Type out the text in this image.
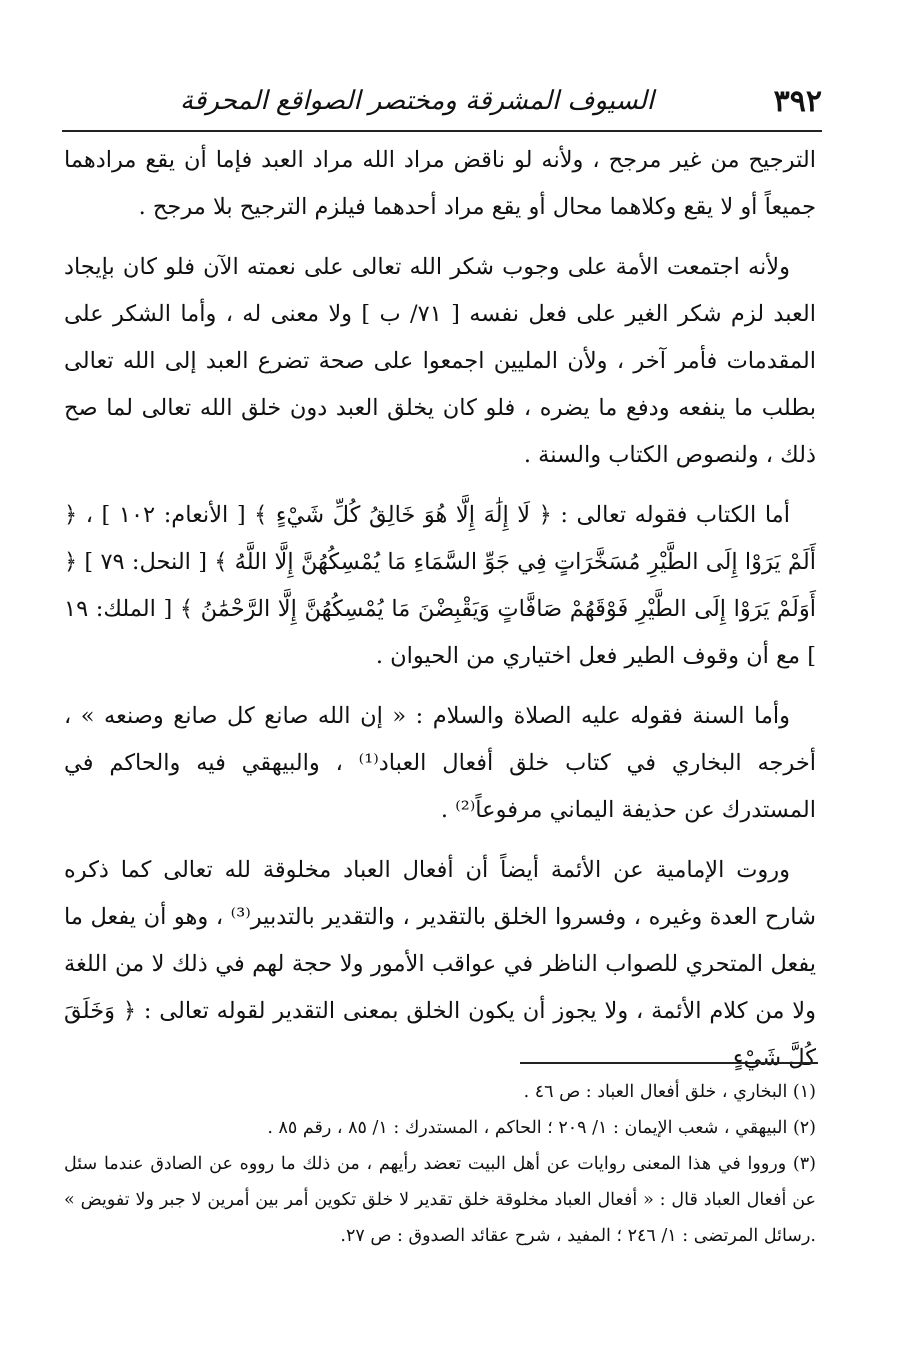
٣٩٢
السيوف المشرقة ومختصر الصواقع المحرقة

الترجيح من غير مرجح ، ولأنه لو ناقض مراد الله مراد العبد فإما أن يقع مرادهما جميعاً أو لا يقع وكلاهما محال أو يقع مراد أحدهما فيلزم الترجيح بلا مرجح .

ولأنه اجتمعت الأمة على وجوب شكر الله تعالى على نعمته الآن فلو كان بإيجاد العبد لزم شكر الغير على فعل نفسه [ ٧١/ ب ] ولا معنى له ، وأما الشكر على المقدمات فأمر آخر ، ولأن المليين اجمعوا على صحة تضرع العبد إلى الله تعالى بطلب ما ينفعه ودفع ما يضره ، فلو كان يخلق العبد دون خلق الله تعالى لما صح ذلك ، ولنصوص الكتاب والسنة .

أما الكتاب فقوله تعالى : ﴿ لَا إِلَٰهَ إِلَّا هُوَ خَالِقُ كُلِّ شَيْءٍ ﴾ [ الأنعام: ١٠٢ ] ، ﴿ أَلَمْ يَرَوْا إِلَى الطَّيْرِ مُسَخَّرَاتٍ فِي جَوِّ السَّمَاءِ مَا يُمْسِكُهُنَّ إِلَّا اللَّهُ ﴾ [ النحل: ٧٩ ] ﴿ أَوَلَمْ يَرَوْا إِلَى الطَّيْرِ فَوْقَهُمْ صَافَّاتٍ وَيَقْبِضْنَ مَا يُمْسِكُهُنَّ إِلَّا الرَّحْمَٰنُ ﴾ [ الملك: ١٩ ] مع أن وقوف الطير فعل اختياري من الحيوان .

وأما السنة فقوله عليه الصلاة والسلام : « إن الله صانع كل صانع وصنعه » ، أخرجه البخاري في كتاب خلق أفعال العباد⁽¹⁾ ، والبيهقي فيه والحاكم في المستدرك عن حذيفة اليماني مرفوعاً⁽²⁾ .

وروت الإمامية عن الأئمة أيضاً أن أفعال العباد مخلوقة لله تعالى كما ذكره شارح العدة وغيره ، وفسروا الخلق بالتقدير ، والتقدير بالتدبير⁽³⁾ ، وهو أن يفعل ما يفعل المتحري للصواب الناظر في عواقب الأمور ولا حجة لهم في ذلك لا من اللغة ولا من كلام الأئمة ، ولا يجوز أن يكون الخلق بمعنى التقدير لقوله تعالى : ﴿ وَخَلَقَ كُلَّ شَيْءٍ

(١) البخاري ، خلق أفعال العباد : ص ٤٦ .

(٢) البيهقي ، شعب الإيمان : ١/ ٢٠٩ ؛ الحاكم ، المستدرك : ١/ ٨٥ ، رقم ٨٥ .

(٣) ورووا في هذا المعنى روايات عن أهل البيت تعضد رأيهم ، من ذلك ما رووه عن الصادق عندما سئل عن أفعال العباد قال : « أفعال العباد مخلوقة خلق تقدير لا خلق تكوين أمر بين أمرين لا جبر ولا تفويض » .رسائل المرتضى : ١/ ٢٤٦ ؛ المفيد ، شرح عقائد الصدوق : ص ٢٧.
